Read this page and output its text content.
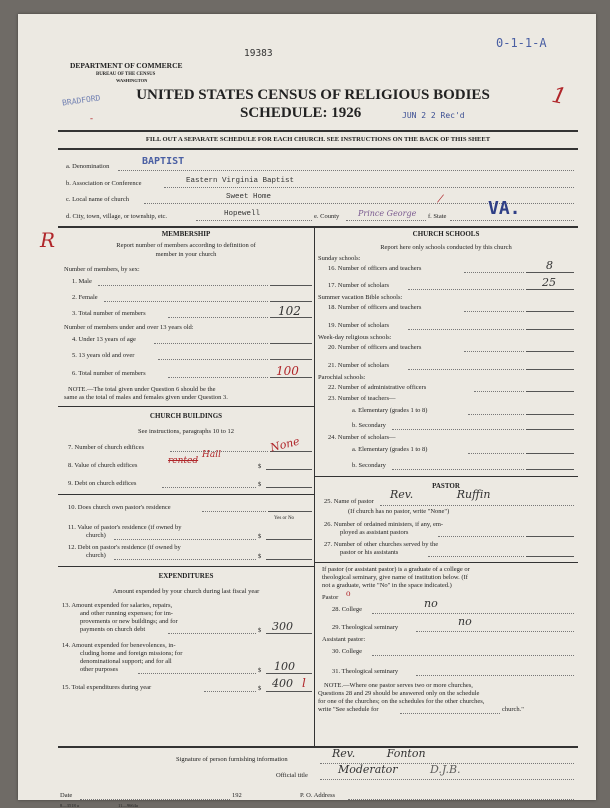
DEPARTMENT OF COMMERCE
BUREAU OF THE CENSUS
WASHINGTON
BRADFORD
-
19383
0-1-1-A
1
UNITED STATES CENSUS OF RELIGIOUS BODIES
SCHEDULE: 1926	JUN 2 2 Rec'd
FILL OUT A SEPARATE SCHEDULE FOR EACH CHURCH. SEE INSTRUCTIONS ON THE BACK OF THIS SHEET
a. Denomination	BAPTIST
b. Association or Conference	Eastern Virginia Baptist
c. Local name of church	Sweet Home
d. City, town, village, or township, etc.	Hopewell	e. County Prince George f. State VA.
/
R	MEMBERSHIP
Report number of members according to definition of
member in your church
Number of members, by sex:
1. Male
2. Female
3. Total number of members	102
Number of members under and over 13 years old:
4. Under 13 years of age
5. 13 years old and over
6. Total number of members	100
NOTE.—The total given under Question 6 should be the
same as the total of males and females given under Question 3.
CHURCH BUILDINGS
See instructions, paragraphs 10 to 12
7. Number of church edifices	None
8. Value of church edifices	rented
Hall
$
9. Debt on church edifices	$
10. Does church own pastor's residence
Yes or No
11. Value of pastor's residence (if owned by
church)	$
12. Debt on pastor's residence (if owned by
church)	$
EXPENDITURES
Amount expended by your church during last fiscal year
13. Amount expended for salaries, repairs,
and other running expenses; for im-
provements or new buildings; and for
payments on church debt	$ 300
14. Amount expended for benevolences, in-
cluding home and foreign missions; for
denominational support; and for all
other purposes	$ 100
15. Total expenditures during year	$ 400 l
CHURCH SCHOOLS
Report here only schools conducted by this church
Sunday schools:
16. Number of officers and teachers	8
17. Number of scholars	25
Summer vacation Bible schools:
18. Number of officers and teachers
19. Number of scholars
Week-day religious schools:
20. Number of officers and teachers
21. Number of scholars
Parochial schools:
22. Number of administrative officers
23. Number of teachers—
a. Elementary (grades 1 to 8)
b. Secondary
24. Number of scholars—
a. Elementary (grades 1 to 8)
b. Secondary
PASTOR
25. Name of pastor
Rev. Ruffin
(If church has no pastor, write "None")
26. Number of ordained ministers, if any, em-
ployed as assistant pastors
27. Number of other churches served by the
pastor or his assistants
If pastor (or assistant pastor) is a graduate of a college or
theological seminary, give name of institution below. (If
not a graduate, write "No" in the space indicated.)
Pastor o
28. College	no
29. Theological seminary	no
Assistant pastor:
30. College
31. Theological seminary
NOTE.—Where one pastor serves two or more churches,
Questions 28 and 29 should be answered only on the schedule
for one of the churches; on the schedules for the other churches,
write "See schedule for	church."
Signature of person furnishing information	Rev. Fonton
Official title	Moderator	D.J.B.
Date	192	P. O. Address
8—3518 a	11—9664a
